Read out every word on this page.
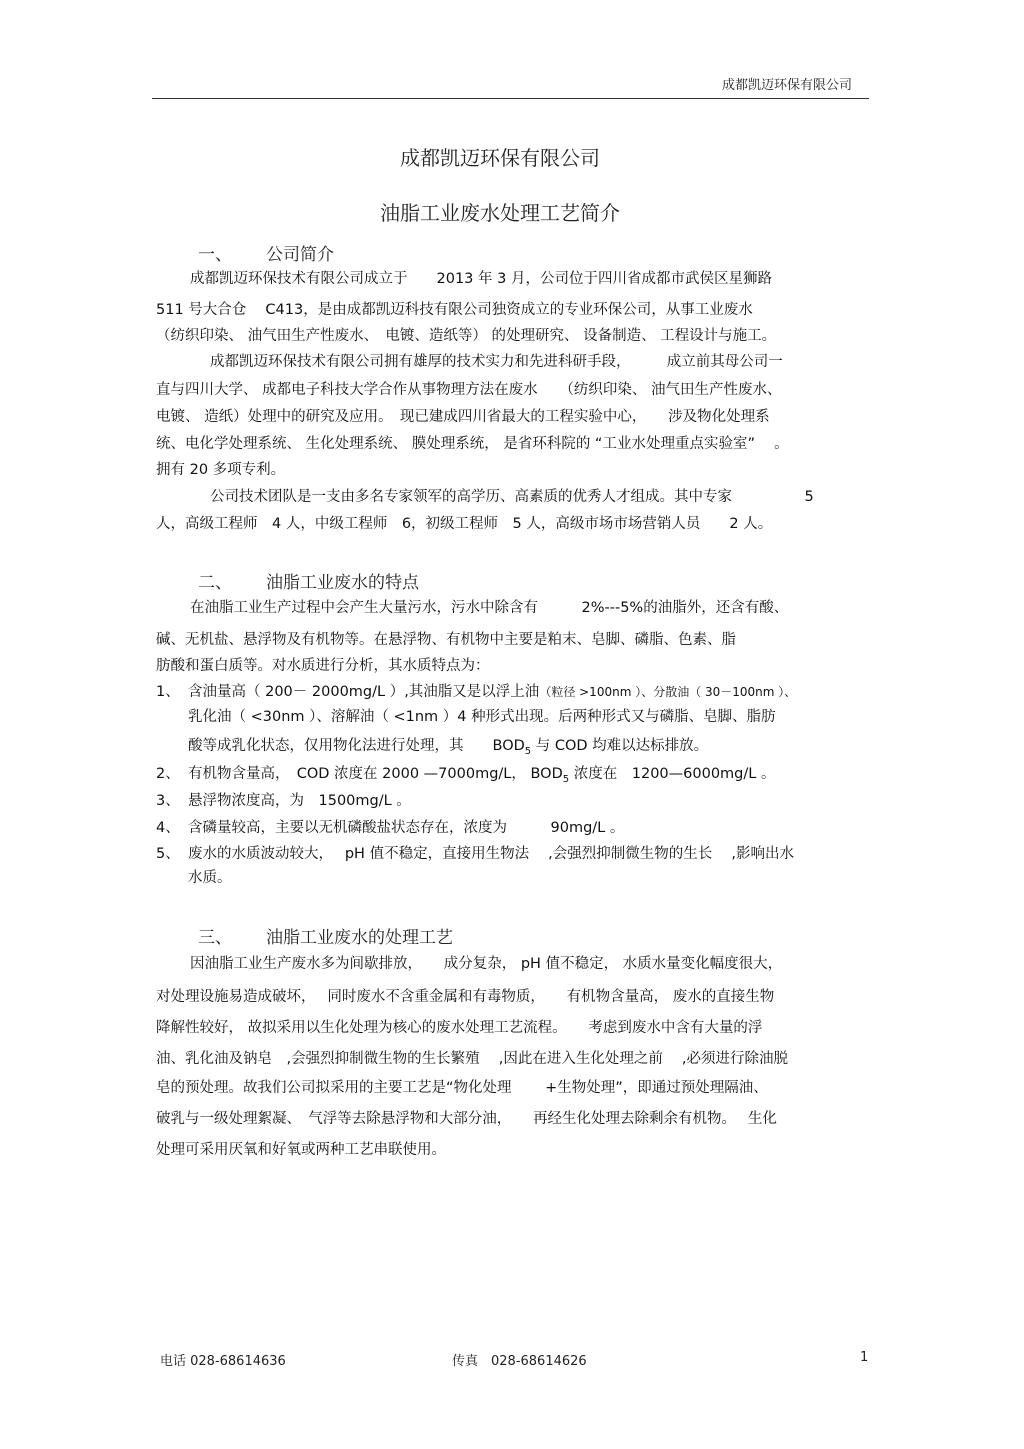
成都凯迈环保有限公司
成都凯迈环保有限公司
油脂工业废水处理工艺简介
一、 公司简介
成都凯迈环保技术有限公司成立于　　2013 年 3 月，公司位于四川省成都市武侯区星狮路
511 号大合仓　 C413，是由成都凯迈科技有限公司独资成立的专业环保公司，从事工业废水
（纺织印染、 油气田生产性废水、　电镀、造纸等） 的处理研究、 设备制造、 工程设计与施工。
成都凯迈环保技术有限公司拥有雄厚的技术实力和先进科研手段，　　　成立前其母公司一
直与四川大学、 成都电子科技大学合作从事物理方法在废水　　（纺织印染、 油气田生产性废水、
电镀、 造纸）处理中的研究及应用。　现已建成四川省最大的工程实验中心，　　涉及物化处理系
统、电化学处理系统、 生化处理系统、 膜处理系统， 是省环科院的 “工业水处理重点实验室”　 。
拥有 20 多项专利。
公司技术团队是一支由多名专家领军的高学历、高素质的优秀人才组成。其中专家　　　　　5
人，高级工程师　4 人，中级工程师　6，初级工程师　5 人，高级市场市场营销人员　　2 人。
二、 油脂工业废水的特点
在油脂工业生产过程中会产生大量污水，污水中除含有　　　2%---5%的油脂外，还含有酸、
碱、无机盐、悬浮物及有机物等。在悬浮物、有机物中主要是粕末、皂脚、磷脂、色素、脂
肪酸和蛋白质等。对水质进行分析，其水质特点为：
1、 含油量高（ 200－ 2000mg/L ）,其油脂又是以浮上油（粒径 >100nm ）、分散油（ 30－100nm ）、
乳化油（ <30nm ）、溶解油（ <1nm ）4 种形式出现。后两种形式又与磷脂、皂脚、脂肪
酸等成乳化状态，仅用物化法进行处理，其　　$BOD_5$ 与 COD 均难以达标排放。
2、 有机物含量高，　COD 浓度在 2000 —7000mg/L， $BOD_5$ 浓度在　1200—6000mg/L 。
3、 悬浮物浓度高，为　1500mg/L 。
4、 含磷量较高，主要以无机磷酸盐状态存在，浓度为　　　90mg/L 。
5、 废水的水质波动较大，　 pH 值不稳定，直接用生物法　 ,会强烈抑制微生物的生长　 ,影响出水
水质。
三、 油脂工业废水的处理工艺
因油脂工业生产废水多为间歇排放，　　成分复杂， pH 值不稳定， 水质水量变化幅度很大，
对处理设施易造成破坏，　 同时废水不含重金属和有毒物质，　　有机物含量高， 废水的直接生物
降解性较好， 故拟采用以生化处理为核心的废水处理工艺流程。　　考虑到废水中含有大量的浮
油、乳化油及钠皂　,会强烈抑制微生物的生长繁殖　 ,因此在进入生化处理之前　 ,必须进行除油脱
皂的预处理。故我们公司拟采用的主要工艺是“物化处理　　 +生物处理”，即通过预处理隔油、
破乳与一级处理絮凝、　气浮等去除悬浮物和大部分油，　　再经生化处理去除剩余有机物。　 生化
处理可采用厌氧和好氧或两种工艺串联使用。
电话 028-68614636	传真　028-68614626	1
